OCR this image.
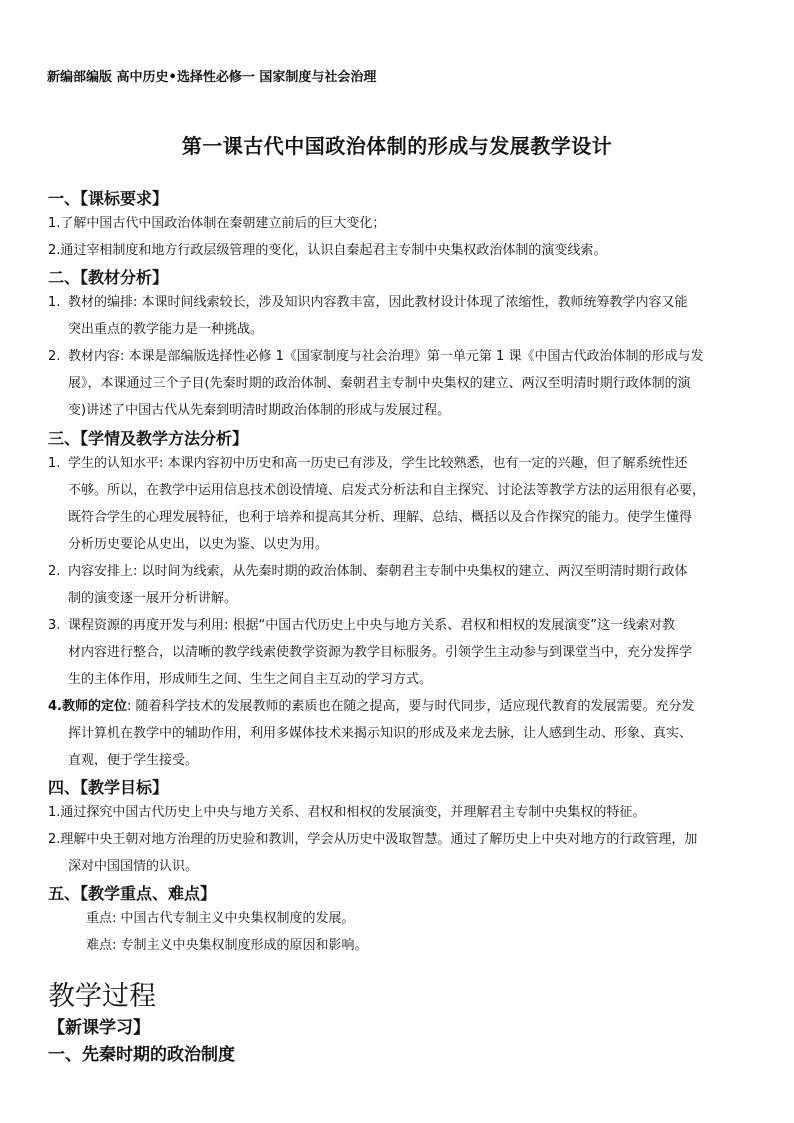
新编部编版 高中历史•选择性必修一 国家制度与社会治理
第一课古代中国政治体制的形成与发展教学设计
一、【课标要求】
1.了解中国古代中国政治体制在秦朝建立前后的巨大变化；
2.通过宰相制度和地方行政层级管理的变化，认识自秦起君主专制中央集权政治体制的演变线索。
二、【教材分析】
1. 教材的编排: 本课时间线索较长，涉及知识内容教丰富，因此教材设计体现了浓缩性，教师统筹教学内容又能
突出重点的教学能力是一种挑战。
2. 教材内容: 本课是部编版选择性必修 1《国家制度与社会治理》第一单元第 1 课《中国古代政治体制的形成与发
展》，本课通过三个子目(先秦时期的政治体制、秦朝君主专制中央集权的建立、两汉至明清时期行政体制的演
变)讲述了中国古代从先秦到明清时期政治体制的形成与发展过程。
三、【学情及教学方法分析】
1. 学生的认知水平: 本课内容初中历史和高一历史已有涉及，学生比较熟悉，也有一定的兴趣，但了解系统性还
不够。所以，在教学中运用信息技术创设情境、启发式分析法和自主探究、讨论法等教学方法的运用很有必要，
既符合学生的心理发展特征，也利于培养和提高其分析、理解、总结、概括以及合作探究的能力。使学生懂得
分析历史要论从史出，以史为鉴、以史为用。
2. 内容安排上: 以时间为线索，从先秦时期的政治体制、秦朝君主专制中央集权的建立、两汉至明清时期行政体
制的演变逐一展开分析讲解。
3. 课程资源的再度开发与利用: 根据“中国古代历史上中央与地方关系、君权和相权的发展演变”这一线索对教
材内容进行整合，以清晰的教学线索使教学资源为教学目标服务。引领学生主动参与到课堂当中，充分发挥学
生的主体作用，形成师生之间、生生之间自主互动的学习方式。
4.教师的定位: 随着科学技术的发展教师的素质也在随之提高，要与时代同步，适应现代教育的发展需要。充分发
挥计算机在教学中的辅助作用，利用多媒体技术来揭示知识的形成及来龙去脉，让人感到生动、形象、真实、
直观，便于学生接受。
四、【教学目标】
1.通过探究中国古代历史上中央与地方关系、君权和相权的发展演变，并理解君主专制中央集权的特征。
2.理解中央王朝对地方治理的历史验和教训，学会从历史中汲取智慧。通过了解历史上中央对地方的行政管理，加
深对中国国情的认识。
五、【教学重点、难点】
重点: 中国古代专制主义中央集权制度的发展。
难点: 专制主义中央集权制度形成的原因和影响。
教学过程
【新课学习】
一、先秦时期的政治制度
